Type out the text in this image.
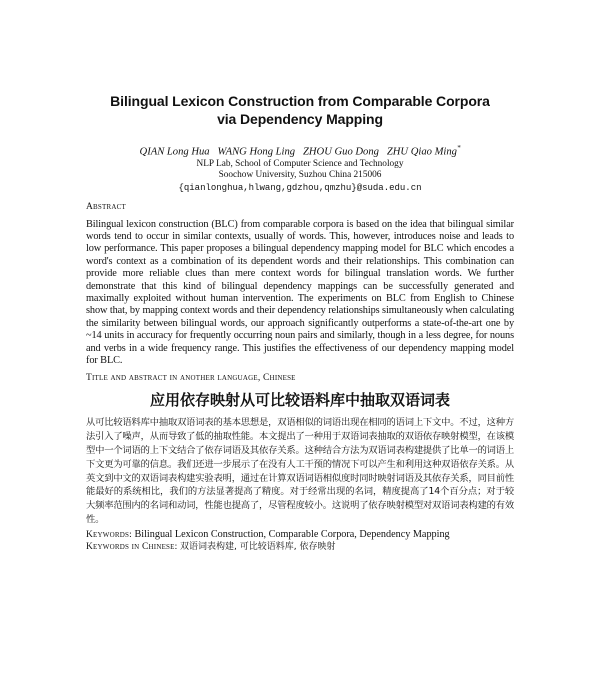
Bilingual Lexicon Construction from Comparable Corpora
via Dependency Mapping
QIAN Long Hua   WANG Hong Ling   ZHOU Guo Dong   ZHU Qiao Ming*
NLP Lab, School of Computer Science and Technology
Soochow University, Suzhou China 215006
{qianlonghua,hlwang,gdzhou,qmzhu}@suda.edu.cn
Abstract
Bilingual lexicon construction (BLC) from comparable corpora is based on the idea that bilingual similar words tend to occur in similar contexts, usually of words. This, however, introduces noise and leads to low performance. This paper proposes a bilingual dependency mapping model for BLC which encodes a word's context as a combination of its dependent words and their relationships. This combination can provide more reliable clues than mere context words for bilingual translation words. We further demonstrate that this kind of bilingual dependency mappings can be successfully generated and maximally exploited without human intervention. The experiments on BLC from English to Chinese show that, by mapping context words and their dependency relationships simultaneously when calculating the similarity between bilingual words, our approach significantly outperforms a state-of-the-art one by ~14 units in accuracy for frequently occurring noun pairs and similarly, though in a less degree, for nouns and verbs in a wide frequency range. This justifies the effectiveness of our dependency mapping model for BLC.
Title and abstract in another language, Chinese
应用依存映射从可比较语料库中抽取双语词表
从可比较语料库中抽取双语词表的基本思想是，双语相似的词语出现在相同的语词上下文中。不过，这种方法引入了噪声，从而导致了低的抽取性能。本文提出了一种用于双语词表抽取的双语依存映射模型，在该模型中一个词语的上下文结合了依存词语及其依存关系。这种结合方法为双语词表构建提供了比单一的词语上下文更为可靠的信息。我们还进一步展示了在没有人工干预的情况下可以产生和利用这种双语依存关系。从英文到中文的双语词表构建实验表明，通过在计算双语词语相似度时同时映射词语及其依存关系，同目前性能最好的系统相比，我们的方法显著提高了精度。对于经常出现的名词，精度提高了14个百分点；对于较大频率范围内的名词和动词，性能也提高了，尽管程度较小。这说明了依存映射模型对双语词表构建的有效性。
Keywords: Bilingual Lexicon Construction, Comparable Corpora, Dependency Mapping
Keywords in Chinese: 双语词表构建, 可比较语料库, 依存映射
